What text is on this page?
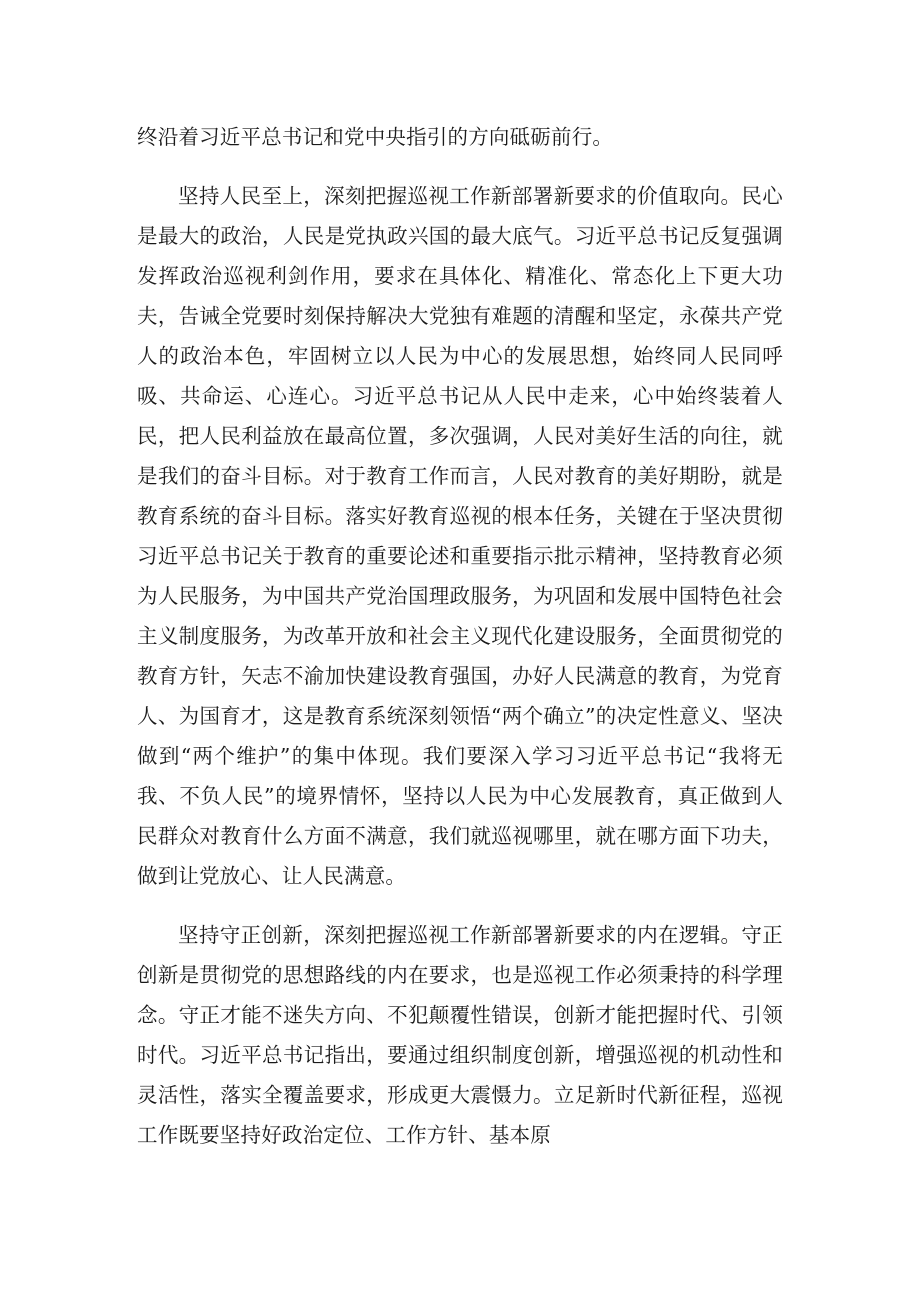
终沿着习近平总书记和党中央指引的方向砥砺前行。

坚持人民至上，深刻把握巡视工作新部署新要求的价值取向。民心是最大的政治，人民是党执政兴国的最大底气。习近平总书记反复强调发挥政治巡视利剑作用，要求在具体化、精准化、常态化上下更大功夫，告诫全党要时刻保持解决大党独有难题的清醒和坚定，永葆共产党人的政治本色，牢固树立以人民为中心的发展思想，始终同人民同呼吸、共命运、心连心。习近平总书记从人民中走来，心中始终装着人民，把人民利益放在最高位置，多次强调，人民对美好生活的向往，就是我们的奋斗目标。对于教育工作而言，人民对教育的美好期盼，就是教育系统的奋斗目标。落实好教育巡视的根本任务，关键在于坚决贯彻习近平总书记关于教育的重要论述和重要指示批示精神，坚持教育必须为人民服务，为中国共产党治国理政服务，为巩固和发展中国特色社会主义制度服务，为改革开放和社会主义现代化建设服务，全面贯彻党的教育方针，矢志不渝加快建设教育强国，办好人民满意的教育，为党育人、为国育才，这是教育系统深刻领悟“两个确立”的决定性意义、坚决做到“两个维护”的集中体现。我们要深入学习习近平总书记“我将无我、不负人民”的境界情怀，坚持以人民为中心发展教育，真正做到人民群众对教育什么方面不满意，我们就巡视哪里，就在哪方面下功夫，做到让党放心、让人民满意。

坚持守正创新，深刻把握巡视工作新部署新要求的内在逻辑。守正创新是贯彻党的思想路线的内在要求，也是巡视工作必须秉持的科学理念。守正才能不迷失方向、不犯颠覆性错误，创新才能把握时代、引领时代。习近平总书记指出，要通过组织制度创新，增强巡视的机动性和灵活性，落实全覆盖要求，形成更大震慑力。立足新时代新征程，巡视工作既要坚持好政治定位、工作方针、基本原
